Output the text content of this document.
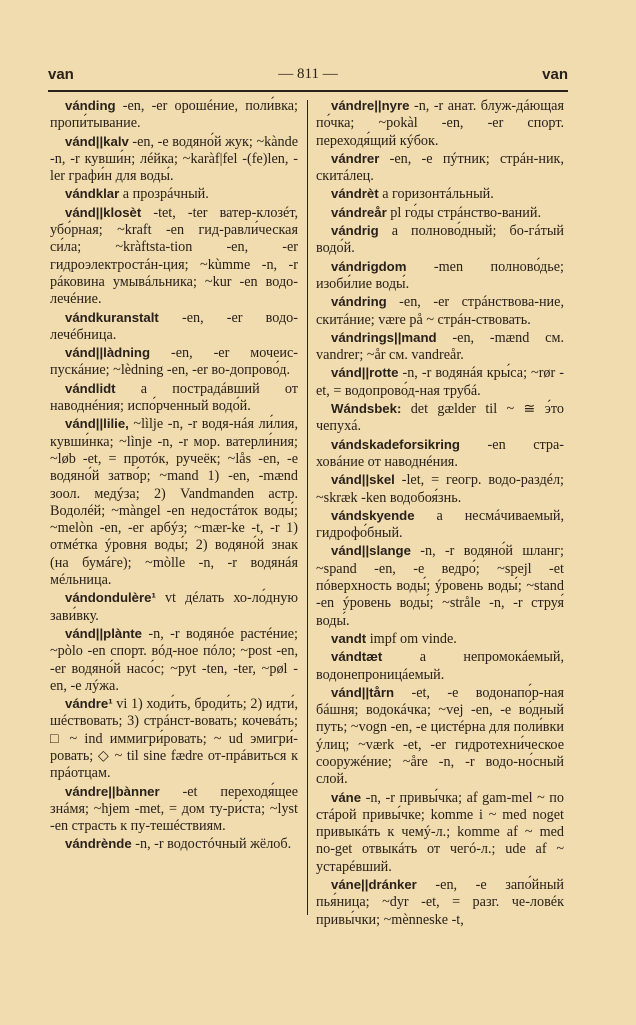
van	— 811 —	van

vánding -en, -er орошéние, поли́вка; пропи́тывание.

vánd||kalv -en, -e водяно́й жук; ~kànde -n, -r кувши́н; лéйка; ~karàf|fel -(fe)len, -ler графи́н для воды́.

vándklar a прозрáчный.

vánd||klosèt -tet, -ter ватер-клозéт, убо́рная; ~kraft -en гид-равли́ческая си́ла; ~kràftsta-tion -en, -er гидроэлектростáн-ция; ~kùmme -n, -r рáковина умывáльника; ~kur -en водо-лечéние.

vándkuranstalt -en, -er водо-лечéбница.

vánd||làdning -en, -er мочеис-пускáние; ~lèdning -en, -er во-допрово́д.

vándlidt a пострадáвший от наводнéния; испо́рченный водо́й.

vánd||lilie, ~lìlje -n, -r водя-нáя ли́лия, кувши́нка; ~lìnje -n, -r мор. ватерли́ния; ~løb -et, = протóк, ручеёк; ~lås -en, -e водяно́й затво́р; ~mand 1) -en, -mænd зоол. медýза; 2) Vandmanden астр. Водолéй; ~màngel -en недостáток воды́; ~melòn -en, -er арбýз; ~mær-ke -t, -r 1) отмéтка ýровня воды́; 2) водяно́й знак (на бумáге); ~mòlle -n, -r водянáя мéльница.

vándondulère¹ vt дéлать хо-ло́дную зави́вку.

vánd||plànte -n, -r водянóе растéние; ~pòlo -en спорт. вóд-ное пóло; ~post -en, -er водяно́й насо́с; ~pyt -ten, -ter, ~pøl -en, -e лýжа.

vándre¹ vi 1) ходи́ть, броди́ть; 2) идти́, шéствовать; 3) стрáнст-вовать; кочевáть; □ ~ ind иммигри́ровать; ~ ud эмигри́-ровать; ◇ ~ til sine fædre от-прáвиться к прáотцам.

vándre||bànner -et переходя́щее знáмя; ~hjem -met, = дом ту-ри́ста; ~lyst -en страсть к пу-тешéствиям.

vándrènde -n, -r водостóчный жёлоб.

vándre||nyre -n, -r анат. блуж-дáющая по́чка; ~pokàl -en, -er спорт. переходя́щий кýбок.

vándrer -en, -e пýтник; стрáн-ник, скитáлец.

vándrèt a горизонтáльный.

vándreår pl го́ды стрáнство-ваний.

vándrig a полново́дный; бо-гáтый водо́й.

vándrigdom -men полново́дье; изоби́лие воды́.

vándring -en, -er стрáнствова-ние, скитáние; være på ~ стрáн-ствовать.

vándrings||mand -en, -mænd см. vandrer; ~år см. vandreår.

vánd||rotte -n, -r водянáя кры́са; ~rør -et, = водопрово́д-ная трубá.

Wándsbek: det gælder til ~ ≅ э́то чепухá.

vándskadeforsikring -en стра-ховáние от наводнéния.

vánd||skel -let, = геогр. водо-раздéл; ~skræk -ken водобоя́знь.

vándskyende a несмáчиваемый, гидрофо́бный.

vánd||slange -n, -r водяно́й шланг; ~spand -en, -e ведро́; ~spejl -et пóверхность воды́; ýровень воды́; ~stand -en ýровень воды́; ~stråle -n, -r струя́ воды́.

vandt impf om vinde.

vándtæt a непромокáемый, водонепроницáемый.

vánd||tårn -et, -e водонапо́р-ная бáшня; водокáчка; ~vej -en, -e во́дный путь; ~vogn -en, -e цистéрна для поли́вки ýлиц; ~værk -et, -er гидротехни́ческое сооружéние; ~åre -n, -r водо-но́сный слой.

váne -n, -r привы́чка; af gam-mel ~ по стáрой привы́чке; komme i ~ med noget привыкáть к чемý-л.; komme af ~ med no-get отвыкáть от чегó-л.; ude af ~ устарéвший.

váne||dránker -en, -e запо́йный пья́ница; ~dyr -et, = разг. че-ловéк привы́чки; ~mènneske -t,
